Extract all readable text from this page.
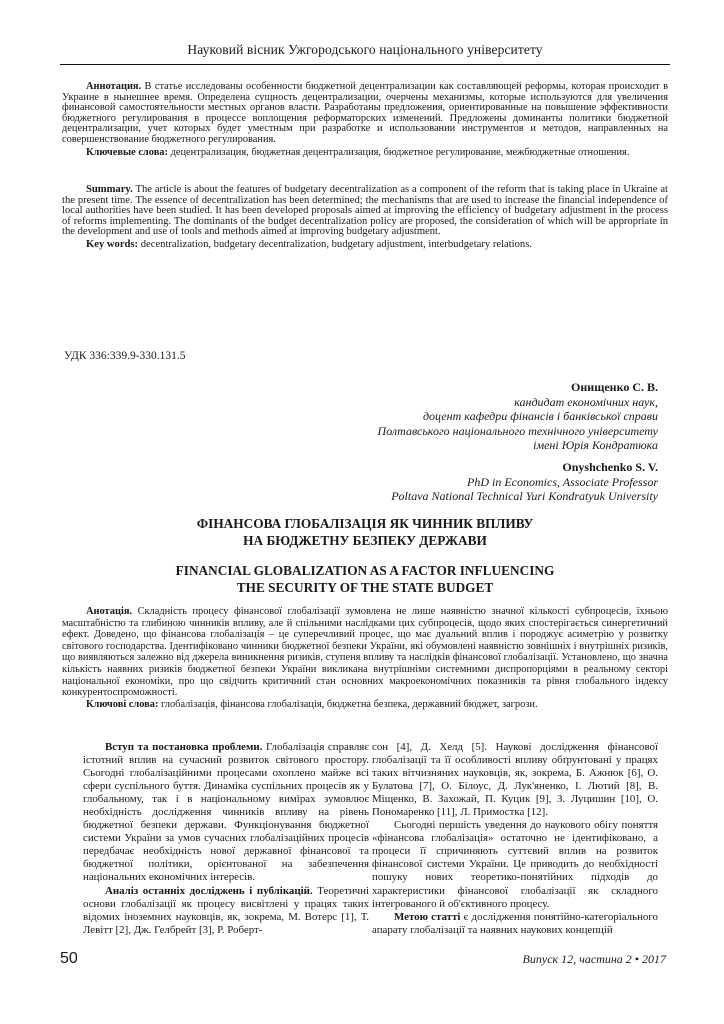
Науковий вісник Ужгородського національного університету

Аннотация. В статье исследованы особенности бюджетной децентрализации как составляющей реформы, которая происходит в Украине в нынешнее время. Определена сущность децентрализации, очерчены механизмы, которые используются для увеличения финансовой самостоятельности местных органов власти. Разработаны предложения, ориентированные на повышение эффективности бюджетного регулирования в процессе воплощения реформаторских изменений. Предложены доминанты политики бюджетной децентрализации, учет которых будет уместным при разработке и использовании инструментов и методов, направленных на совершенствование бюджетного регулирования.

Ключевые слова: децентрализация, бюджетная децентрализация, бюджетное регулирование, межбюджетные отношения.

Summary. The article is about the features of budgetary decentralization as a component of the reform that is taking place in Ukraine at the present time. The essence of decentralization has been determined; the mechanisms that are used to increase the financial independence of local authorities have been studied. It has been developed proposals aimed at improving the efficiency of budgetary adjustment in the process of reforms implementing. The dominants of the budget decentralization policy are proposed, the consideration of which will be appropriate in the development and use of tools and methods aimed at improving budgetary adjustment.

Key words: decentralization, budgetary decentralization, budgetary adjustment, interbudgetary relations.

УДК 336:339.9-330.131.5
Онищенко С. В.
кандидат економічних наук,
доцент кафедри фінансів і банківської справи
Полтавського національного технічного університету
імені Юрія Кондратюка
Onyshchenko S. V.
PhD in Economics, Associate Professor
Poltava National Technical Yuri Kondratyuk University
ФІНАНСОВА ГЛОБАЛІЗАЦІЯ ЯК ЧИННИК ВПЛИВУ
НА БЮДЖЕТНУ БЕЗПЕКУ ДЕРЖАВИ
FINANCIAL GLOBALIZATION AS A FACTOR INFLUENCING
THE SECURITY OF THE STATE BUDGET

Анотація. Складність процесу фінансової глобалізації зумовлена не лише наявністю значної кількості субпроцесів, їхньою масштабністю та глибиною чинників впливу, але й спільними наслідками цих субпроцесів, щодо яких спостерігається синергетичний ефект. Доведено, що фінансова глобалізація – це суперечливий процес, що має дуальний вплив і породжує асиметрію у розвитку світового господарства. Ідентифіковано чинники бюджетної безпеки України, які обумовлені наявністю зовнішніх і внутрішніх ризиків, що виявляються залежно від джерела виникнення ризиків, ступеня впливу та наслідків фінансової глобалізації. Установлено, що значна кількість наявних ризиків бюджетної безпеки України викликана внутрішніми системними диспропорціями в реальному секторі національної економіки, про що свідчить критичний стан основних макроекономічних показників та рівня глобального індексу конкурентоспроможності.

Ключові слова: глобалізація, фінансова глобалізація, бюджетна безпека, державний бюджет, загрози.

Вступ та постановка проблеми. Глобалізація справляє істотний вплив на сучасний розвиток світового простору. Сьогодні глобалізаційними процесами охоплено майже всі сфери суспільного буття. Динаміка суспільних процесів як у глобальному, так і в національному вимірах зумовлює необхідність дослідження чинників впливу на рівень бюджетної безпеки держави. Функціонування бюджетної системи України за умов сучасних глобалізаційних процесів передбачає необхідність нової державної фінансової та бюджетної політики, орієнтованої на забезпечення національних економічних інтересів.

Аналіз останніх досліджень і публікацій. Теоретичні основи глобалізації як процесу висвітлені у працях таких відомих іноземних науковців, як, зокрема, М. Вотерс [1], Т. Левітт [2], Дж. Гелбрейт [3], Р. Роберт-

сон [4], Д. Хелд [5]. Наукові дослідження фінансової глобалізації та її особливості впливу обґрунтовані у працях таких вітчизняних науковців, як, зокрема, Б. Ажнюк [6], О. Булатова [7], О. Білоус, Д. Лук'яненко, І. Лютий [8], В. Міщенко, В. Захожай, П. Куцик [9], З. Луцишин [10], О. Пономаренко [11], Л. Примостка [12].

Сьогодні першість уведення до наукового обігу поняття «фінансова глобалізація» остаточно не ідентифіковано, а процеси її спричиняють суттєвий вплив на розвиток фінансової системи України. Це приводить до необхідності пошуку нових теоретико-понятійних підходів до характеристики фінансової глобалізації як складного інтегрованого й об'єктивного процесу.

Метою статті є дослідження понятійно-категоріального апарату глобалізації та наявних наукових концепцій

50	Випуск 12, частина 2 • 2017
